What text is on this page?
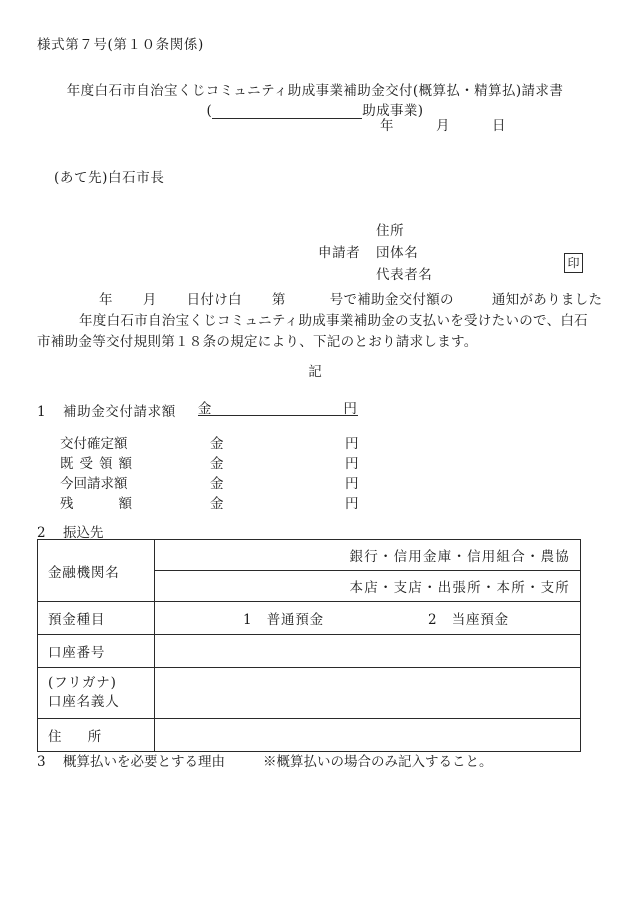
様式第７号(第１０条関係)
年度白石市自治宝くじコミュニティ助成事業補助金交付(概算払・精算払)請求書
(	助成事業)
年	月	日
(あて先)白石市長
住所
申請者 団体名
代表者名
印
年 月 日付け白 第	号で補助金交付額の	通知がありました
年度白石市自治宝くじコミュニティ助成事業補助金の支払いを受けたいので、白石
市補助金等交付規則第１８条の規定により、下記のとおり請求します。
記
1 補助金交付請求額 金	円
交付確定額	金	円
既 受 領 額	金	円
今回請求額	金	円
残	額	金	円
2 振込先
金融機関名	銀行・信用金庫・信用組合・農協
	本店・支店・出張所・本所・支所
預金種目	1　普通預金 2　当座預金

口座番号	
(フリガナ)
口座名義人	

住 所	

3 概算払いを必要とする理由	※概算払いの場合のみ記入すること。
